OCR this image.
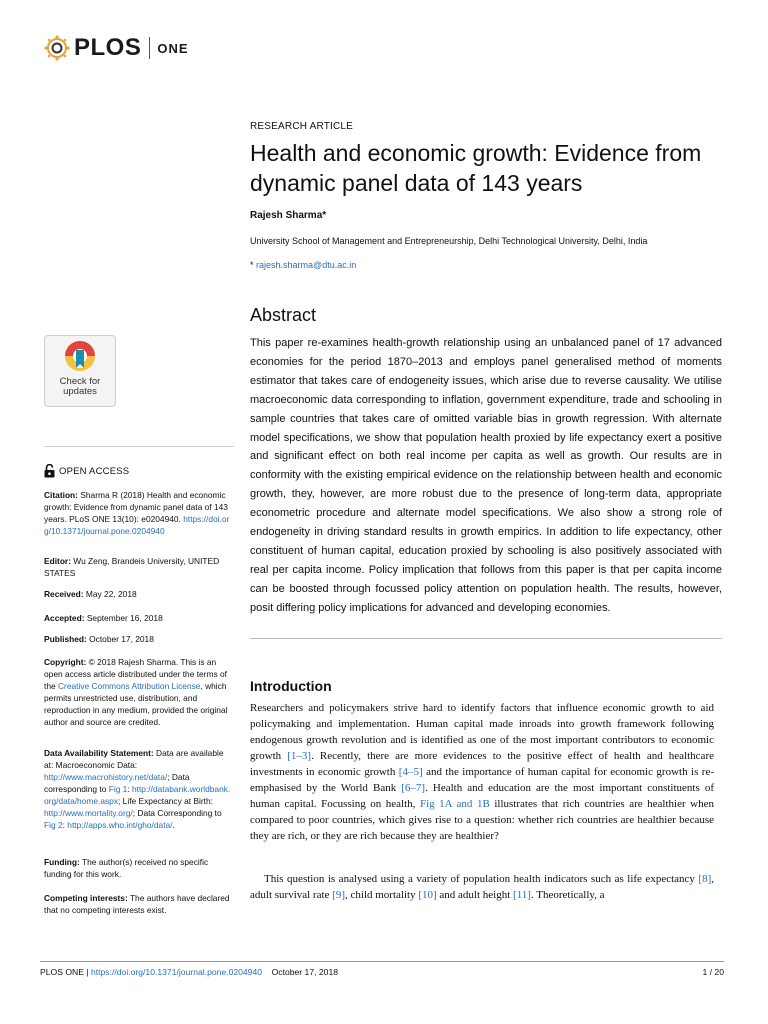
PLOS ONE
RESEARCH ARTICLE
Health and economic growth: Evidence from dynamic panel data of 143 years
Rajesh Sharma*
University School of Management and Entrepreneurship, Delhi Technological University, Delhi, India
* rajesh.sharma@dtu.ac.in
Abstract

This paper re-examines health-growth relationship using an unbalanced panel of 17 advanced economies for the period 1870–2013 and employs panel generalised method of moments estimator that takes care of endogeneity issues, which arise due to reverse causality. We utilise macroeconomic data corresponding to inflation, government expenditure, trade and schooling in sample countries that takes care of omitted variable bias in growth regression. With alternate model specifications, we show that population health proxied by life expectancy exert a positive and significant effect on both real income per capita as well as growth. Our results are in conformity with the existing empirical evidence on the relationship between health and economic growth, they, however, are more robust due to the presence of long-term data, appropriate econometric procedure and alternate model specifications. We also show a strong role of endogeneity in driving standard results in growth empirics. In addition to life expectancy, other constituent of human capital, education proxied by schooling is also positively associated with real per capita income. Policy implication that follows from this paper is that per capita income can be boosted through focussed policy attention on population health. The results, however, posit differing policy implications for advanced and developing economies.

Introduction

Researchers and policymakers strive hard to identify factors that influence economic growth to aid policymaking and implementation. Human capital made inroads into growth framework following endogenous growth revolution and is identified as one of the most important contributors to economic growth [1–3]. Recently, there are more evidences to the positive effect of health and healthcare investments in economic growth [4–5] and the importance of human capital for economic growth is re-emphasised by the World Bank [6–7]. Health and education are the most important constituents of human capital. Focussing on health, Fig 1A and 1B illustrates that rich countries are healthier when compared to poor countries, which gives rise to a question: whether rich countries are healthier because they are rich, or they are rich because they are healthier?

This question is analysed using a variety of population health indicators such as life expectancy [8], adult survival rate [9], child mortality [10] and adult height [11]. Theoretically, a

Check for
updates
OPEN ACCESS
Citation: Sharma R (2018) Health and economic growth: Evidence from dynamic panel data of 143 years. PLoS ONE 13(10): e0204940. https://doi.org/10.1371/journal.pone.0204940
Editor: Wu Zeng, Brandeis University, UNITED STATES
Received: May 22, 2018
Accepted: September 16, 2018
Published: October 17, 2018
Copyright: © 2018 Rajesh Sharma. This is an open access article distributed under the terms of the Creative Commons Attribution License, which permits unrestricted use, distribution, and reproduction in any medium, provided the original author and source are credited.
Data Availability Statement: Data are available at: Macroeconomic Data: http://www.macrohistory.net/data/; Data corresponding to Fig 1: http://databank.worldbank.org/data/home.aspx; Life Expectancy at Birth: http://www.mortality.org/; Data Corresponding to Fig 2: http://apps.who.int/gho/data/.
Funding: The author(s) received no specific funding for this work.
Competing interests: The authors have declared that no competing interests exist.
PLOS ONE | https://doi.org/10.1371/journal.pone.0204940 October 17, 2018	1 / 20
